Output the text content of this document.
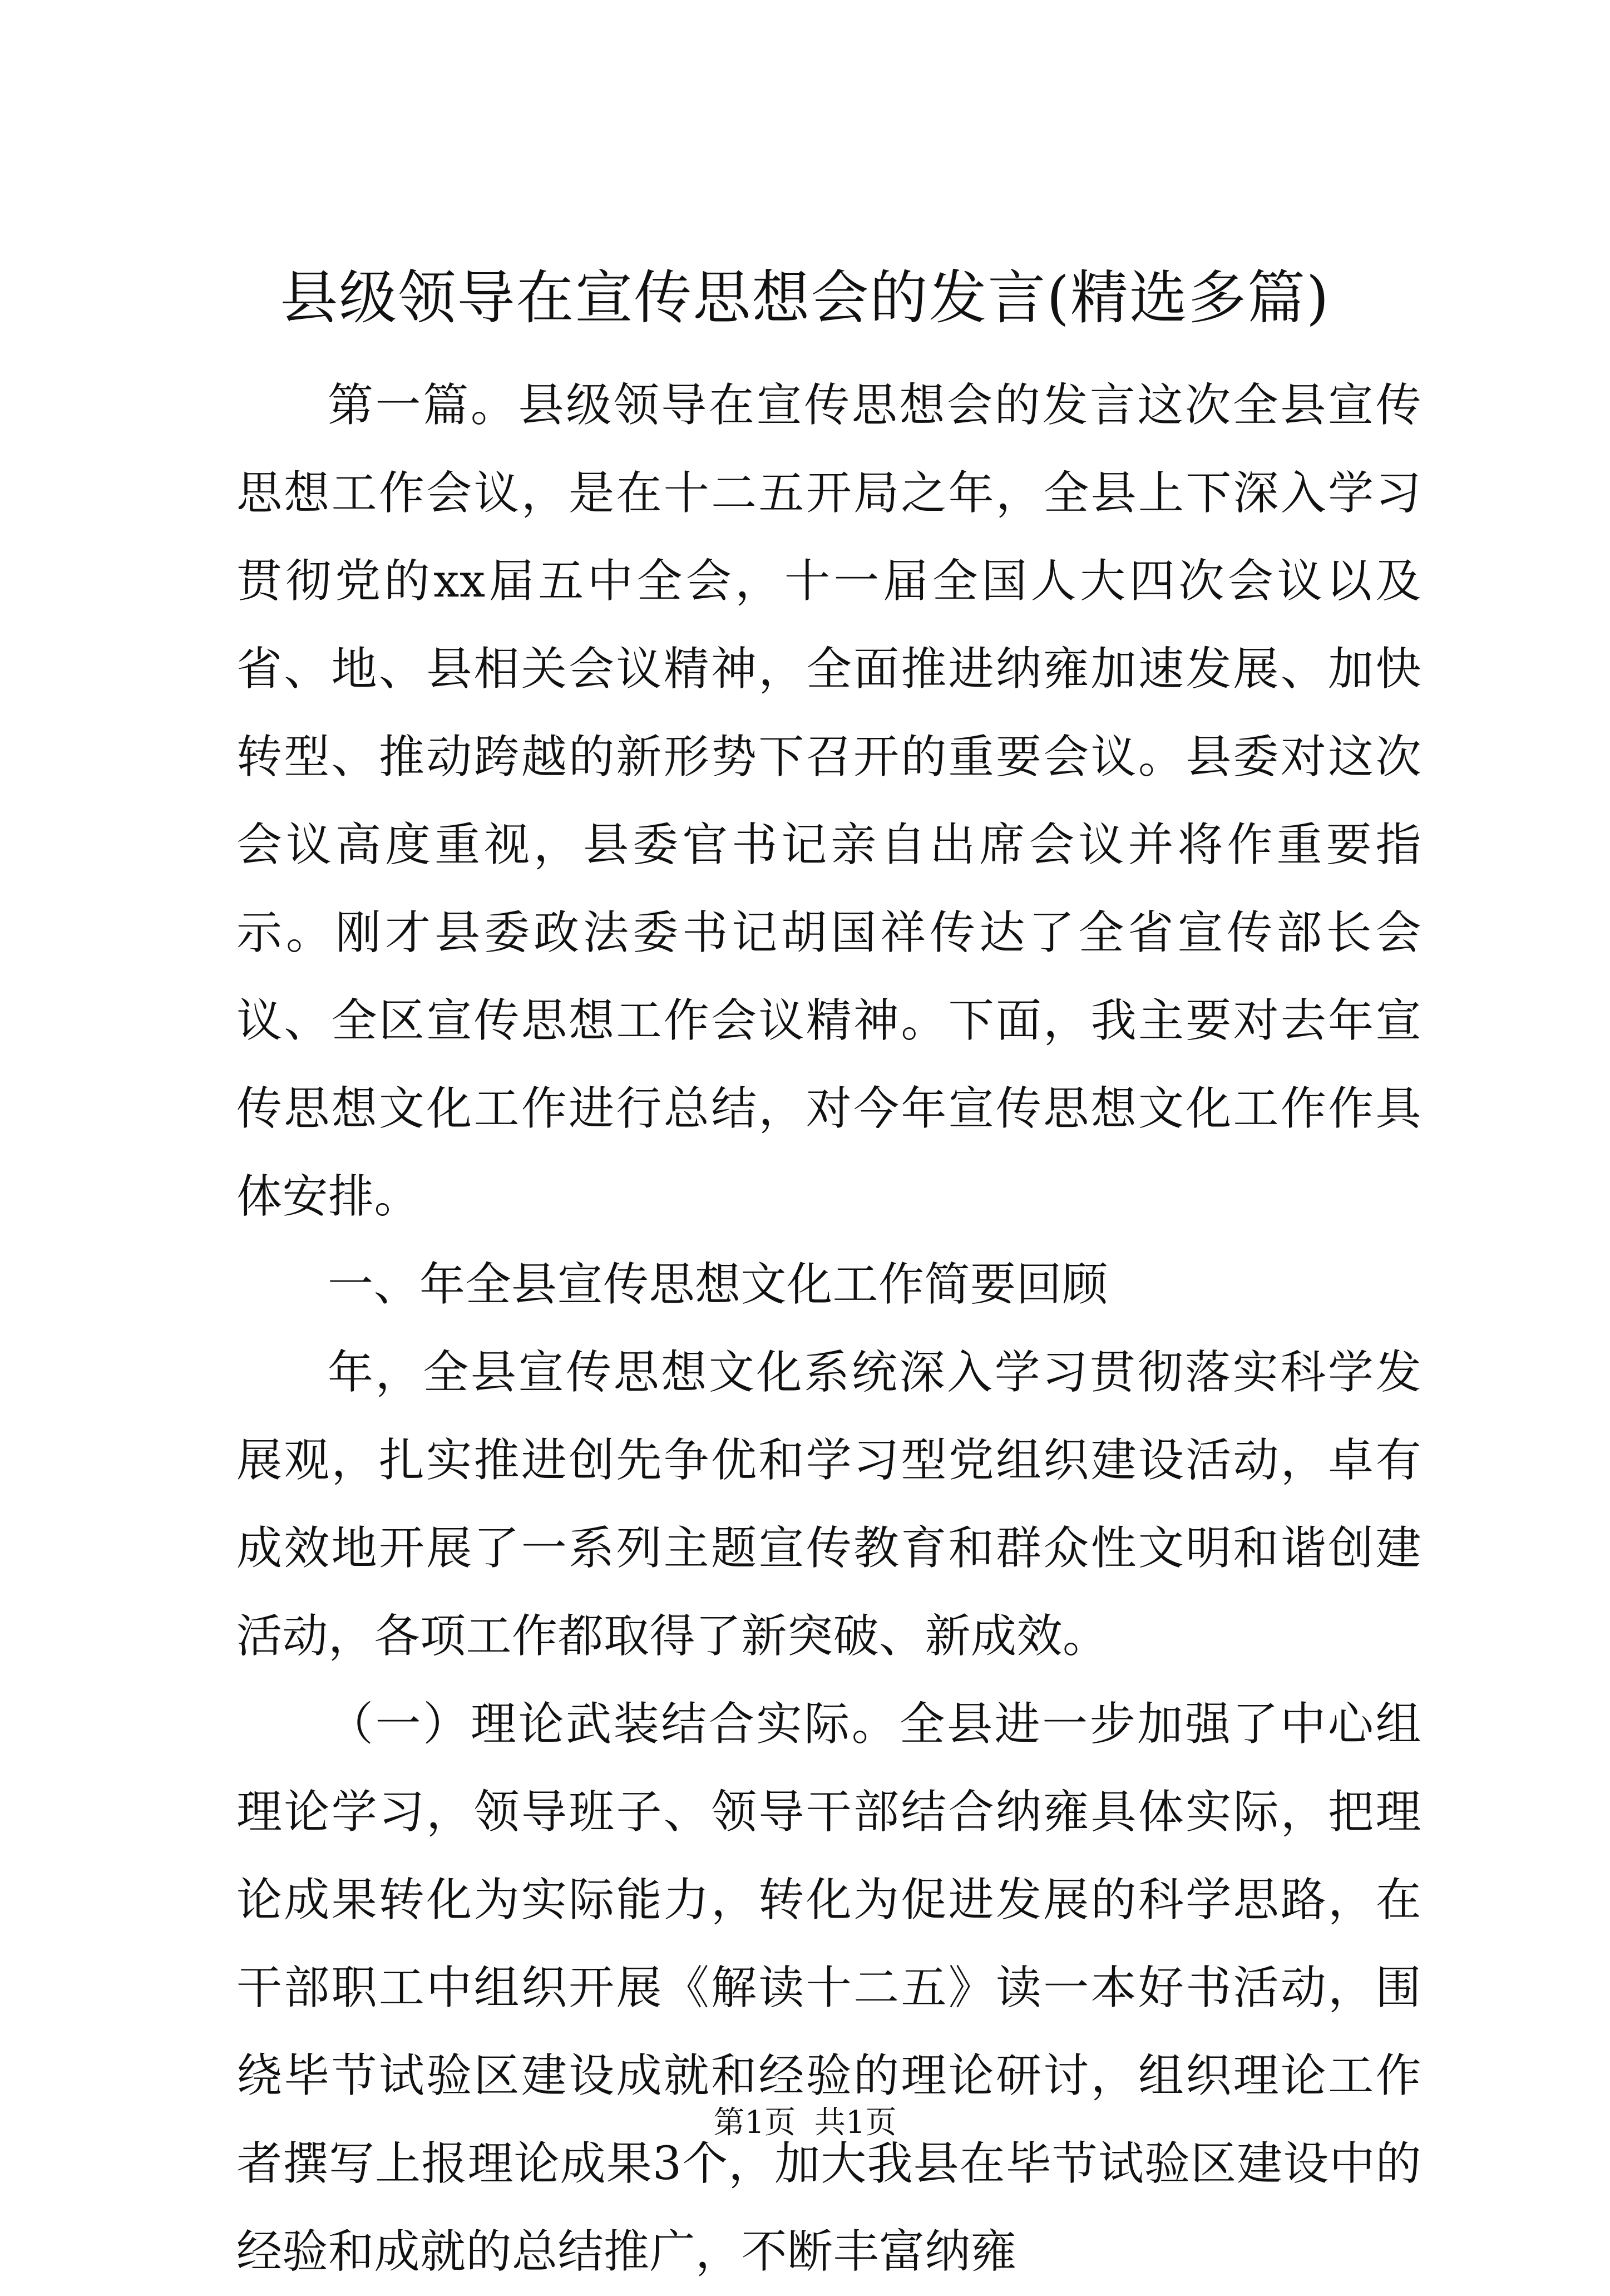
县级领导在宣传思想会的发言(精选多篇)

第一篇。县级领导在宣传思想会的发言这次全县宣传思想工作会议，是在十二五开局之年，全县上下深入学习贯彻党的xx届五中全会，十一届全国人大四次会议以及省、地、县相关会议精神，全面推进纳雍加速发展、加快转型、推动跨越的新形势下召开的重要会议。县委对这次会议高度重视，县委官书记亲自出席会议并将作重要指示。刚才县委政法委书记胡国祥传达了全省宣传部长会议、全区宣传思想工作会议精神。下面，我主要对去年宣传思想文化工作进行总结，对今年宣传思想文化工作作具体安排。

一、年全县宣传思想文化工作简要回顾

年，全县宣传思想文化系统深入学习贯彻落实科学发展观，扎实推进创先争优和学习型党组织建设活动，卓有成效地开展了一系列主题宣传教育和群众性文明和谐创建活动，各项工作都取得了新突破、新成效。

（一）理论武装结合实际。全县进一步加强了中心组理论学习，领导班子、领导干部结合纳雍具体实际，把理论成果转化为实际能力，转化为促进发展的科学思路，在干部职工中组织开展《解读十二五》读一本好书活动，围绕毕节试验区建设成就和经验的理论研讨，组织理论工作者撰写上报理论成果3个，加大我县在毕节试验区建设中的经验和成就的总结推广，不断丰富纳雍

第1页 共1页
